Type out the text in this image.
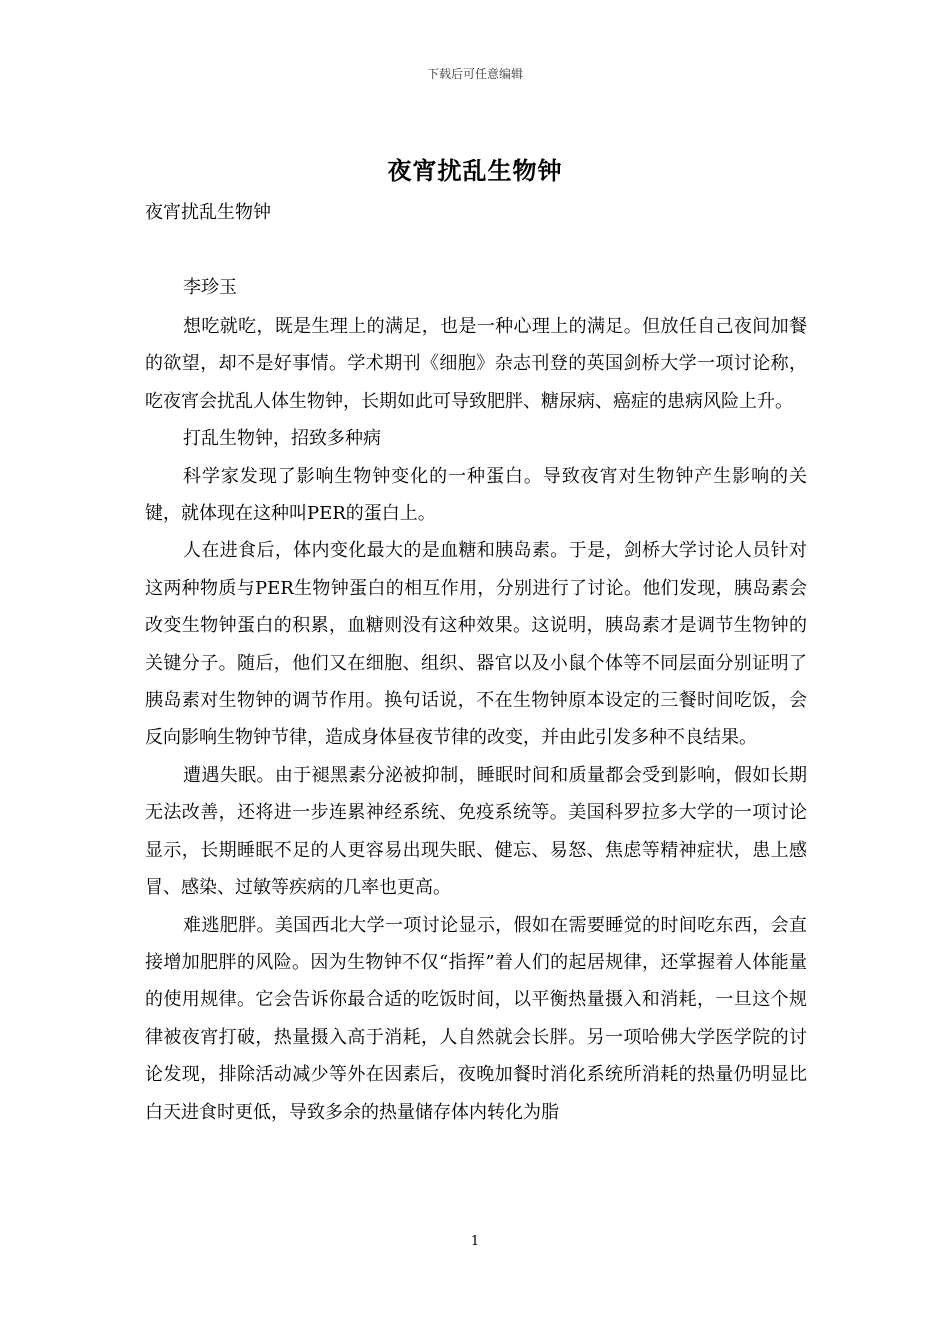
下载后可任意编辑
夜宵扰乱生物钟
夜宵扰乱生物钟
李珍玉

想吃就吃，既是生理上的满足，也是一种心理上的满足。但放任自己夜间加餐的欲望，却不是好事情。学术期刊《细胞》杂志刊登的英国剑桥大学一项讨论称，吃夜宵会扰乱人体生物钟，长期如此可导致肥胖、糖尿病、癌症的患病风险上升。

打乱生物钟，招致多种病

科学家发现了影响生物钟变化的一种蛋白。导致夜宵对生物钟产生影响的关键，就体现在这种叫PER的蛋白上。

人在进食后，体内变化最大的是血糖和胰岛素。于是，剑桥大学讨论人员针对这两种物质与PER生物钟蛋白的相互作用，分别进行了讨论。他们发现，胰岛素会改变生物钟蛋白的积累，血糖则没有这种效果。这说明，胰岛素才是调节生物钟的关键分子。随后，他们又在细胞、组织、器官以及小鼠个体等不同层面分别证明了胰岛素对生物钟的调节作用。换句话说，不在生物钟原本设定的三餐时间吃饭，会反向影响生物钟节律，造成身体昼夜节律的改变，并由此引发多种不良结果。

遭遇失眠。由于褪黑素分泌被抑制，睡眠时间和质量都会受到影响，假如长期无法改善，还将进一步连累神经系统、免疫系统等。美国科罗拉多大学的一项讨论显示，长期睡眠不足的人更容易出现失眠、健忘、易怒、焦虑等精神症状，患上感冒、感染、过敏等疾病的几率也更高。

难逃肥胖。美国西北大学一项讨论显示，假如在需要睡觉的时间吃东西，会直接增加肥胖的风险。因为生物钟不仅“指挥”着人们的起居规律，还掌握着人体能量的使用规律。它会告诉你最合适的吃饭时间，以平衡热量摄入和消耗，一旦这个规律被夜宵打破，热量摄入高于消耗，人自然就会长胖。另一项哈佛大学医学院的讨论发现，排除活动减少等外在因素后，夜晚加餐时消化系统所消耗的热量仍明显比白天进食时更低，导致多余的热量储存体内转化为脂

1
